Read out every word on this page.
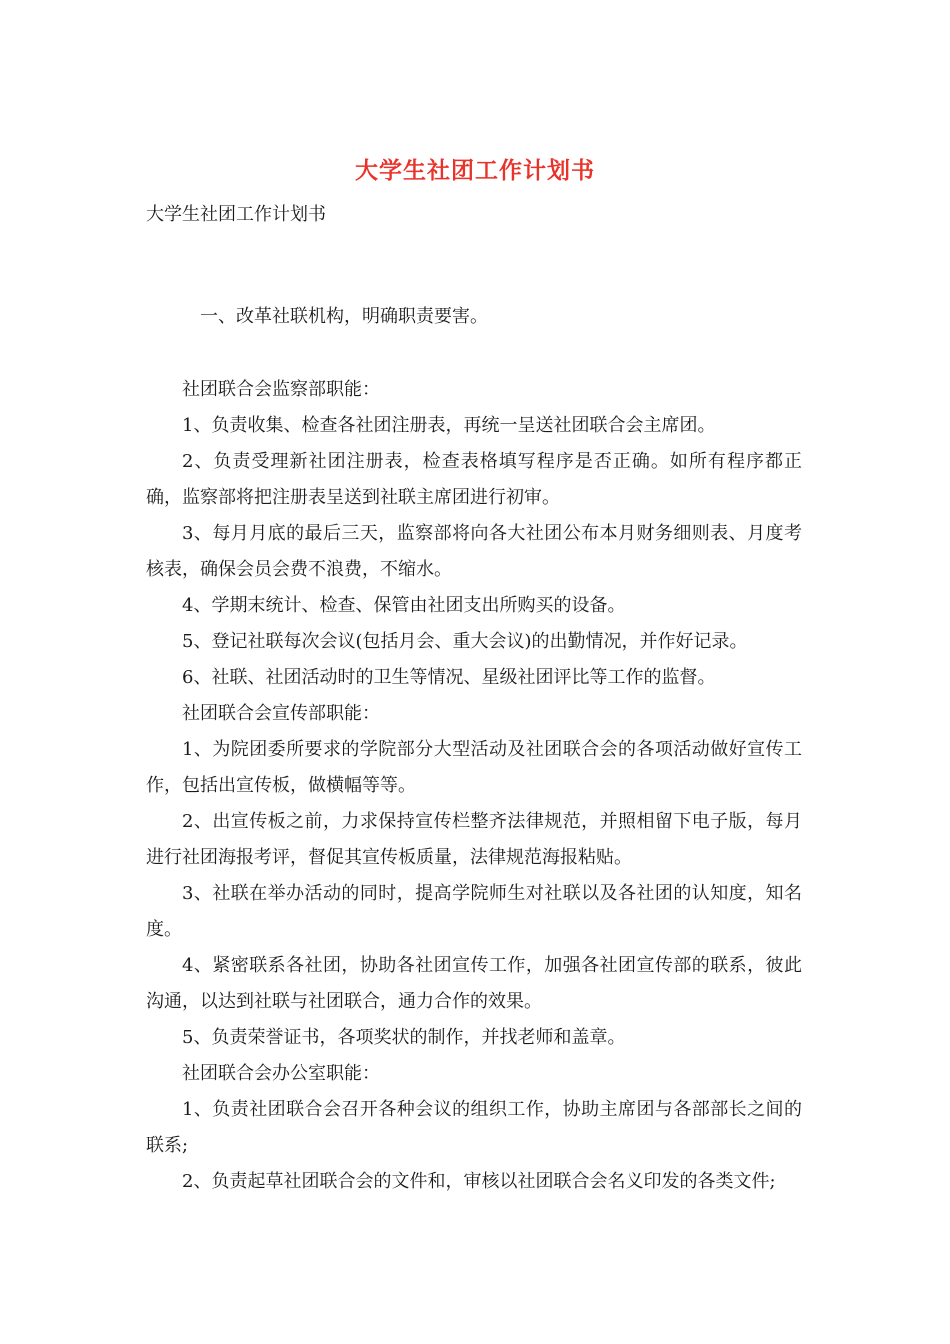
大学生社团工作计划书
大学生社团工作计划书
一、改革社联机构，明确职责要害。

社团联合会监察部职能：

1、负责收集、检查各社团注册表，再统一呈送社团联合会主席团。

2、负责受理新社团注册表，检查表格填写程序是否正确。如所有程序都正确，监察部将把注册表呈送到社联主席团进行初审。

3、每月月底的最后三天，监察部将向各大社团公布本月财务细则表、月度考核表，确保会员会费不浪费，不缩水。

4、学期末统计、检查、保管由社团支出所购买的设备。

5、登记社联每次会议(包括月会、重大会议)的出勤情况，并作好记录。

6、社联、社团活动时的卫生等情况、星级社团评比等工作的监督。

社团联合会宣传部职能：

1、为院团委所要求的学院部分大型活动及社团联合会的各项活动做好宣传工作，包括出宣传板，做横幅等等。

2、出宣传板之前，力求保持宣传栏整齐法律规范，并照相留下电子版，每月进行社团海报考评，督促其宣传板质量，法律规范海报粘贴。

3、社联在举办活动的同时，提高学院师生对社联以及各社团的认知度，知名度。

4、紧密联系各社团，协助各社团宣传工作，加强各社团宣传部的联系，彼此沟通，以达到社联与社团联合，通力合作的效果。

5、负责荣誉证书，各项奖状的制作，并找老师和盖章。

社团联合会办公室职能：

1、负责社团联合会召开各种会议的组织工作，协助主席团与各部部长之间的联系;

2、负责起草社团联合会的文件和，审核以社团联合会名义印发的各类文件;
